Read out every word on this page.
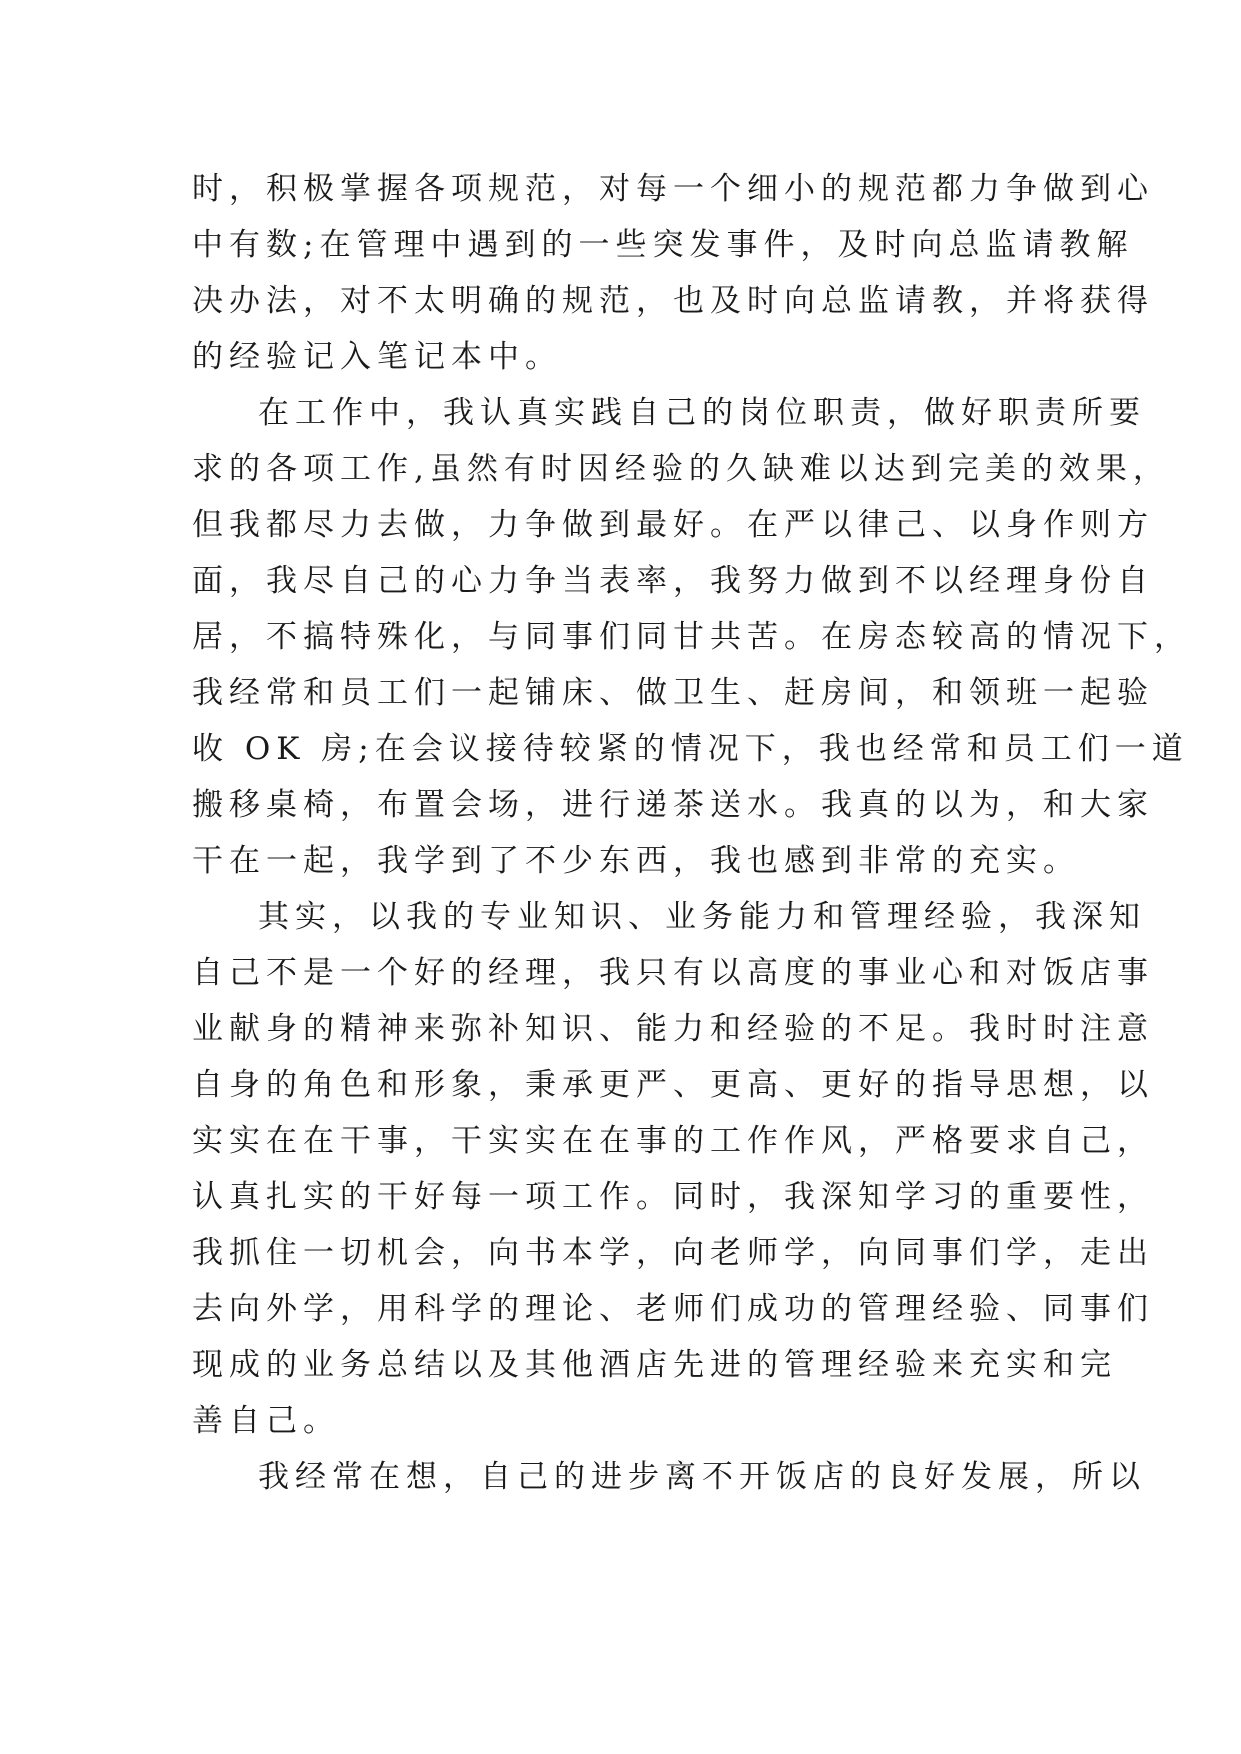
时，积极掌握各项规范，对每一个细小的规范都力争做到心
中有数;在管理中遇到的一些突发事件，及时向总监请教解
决办法，对不太明确的规范，也及时向总监请教，并将获得
的经验记入笔记本中。
在工作中，我认真实践自己的岗位职责，做好职责所要
求的各项工作,虽然有时因经验的久缺难以达到完美的效果，
但我都尽力去做，力争做到最好。在严以律己、以身作则方
面，我尽自己的心力争当表率，我努力做到不以经理身份自
居，不搞特殊化，与同事们同甘共苦。在房态较高的情况下，
我经常和员工们一起铺床、做卫生、赶房间，和领班一起验
收 OK 房;在会议接待较紧的情况下，我也经常和员工们一道
搬移桌椅，布置会场，进行递茶送水。我真的以为，和大家
干在一起，我学到了不少东西，我也感到非常的充实。
其实，以我的专业知识、业务能力和管理经验，我深知
自己不是一个好的经理，我只有以高度的事业心和对饭店事
业献身的精神来弥补知识、能力和经验的不足。我时时注意
自身的角色和形象，秉承更严、更高、更好的指导思想，以
实实在在干事，干实实在在事的工作作风，严格要求自己，
认真扎实的干好每一项工作。同时，我深知学习的重要性，
我抓住一切机会，向书本学，向老师学，向同事们学，走出
去向外学，用科学的理论、老师们成功的管理经验、同事们
现成的业务总结以及其他酒店先进的管理经验来充实和完
善自己。
我经常在想，自己的进步离不开饭店的良好发展，所以
